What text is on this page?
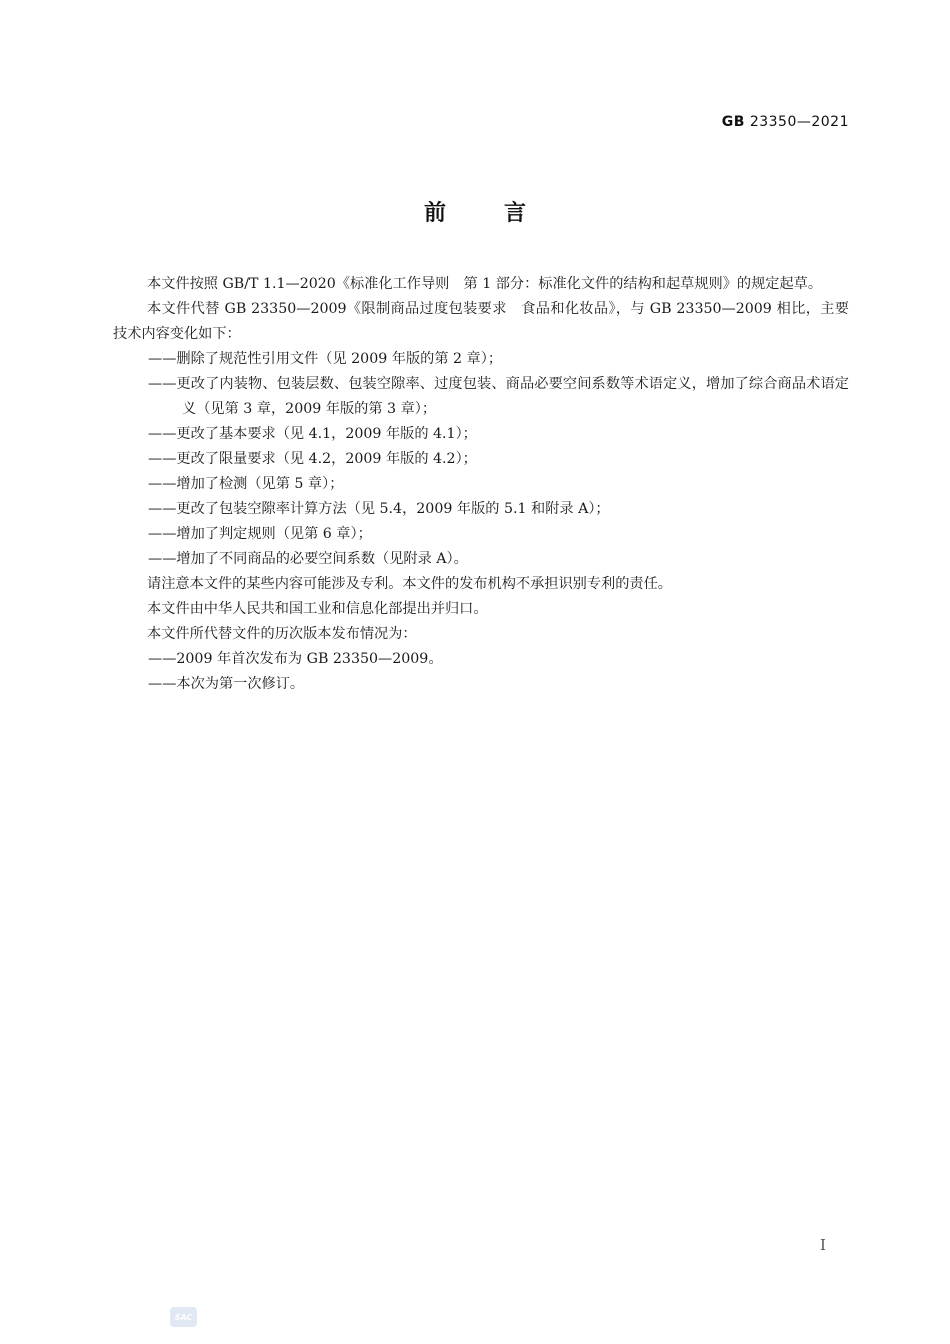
GB 23350—2021
前言

本文件按照 GB/T 1.1—2020《标准化工作导则　第 1 部分：标准化文件的结构和起草规则》的规定起草。

本文件代替 GB 23350—2009《限制商品过度包装要求　食品和化妆品》，与 GB 23350—2009 相比，主要技术内容变化如下：

——删除了规范性引用文件（见 2009 年版的第 2 章）；

——更改了内装物、包装层数、包装空隙率、过度包装、商品必要空间系数等术语定义，增加了综合商品术语定义（见第 3 章，2009 年版的第 3 章）；

——更改了基本要求（见 4.1，2009 年版的 4.1）；

——更改了限量要求（见 4.2，2009 年版的 4.2）；

——增加了检测（见第 5 章）；

——更改了包装空隙率计算方法（见 5.4，2009 年版的 5.1 和附录 A）；

——增加了判定规则（见第 6 章）；

——增加了不同商品的必要空间系数（见附录 A）。

请注意本文件的某些内容可能涉及专利。本文件的发布机构不承担识别专利的责任。

本文件由中华人民共和国工业和信息化部提出并归口。

本文件所代替文件的历次版本发布情况为：

——2009 年首次发布为 GB 23350—2009。

——本次为第一次修订。

I
SAC
